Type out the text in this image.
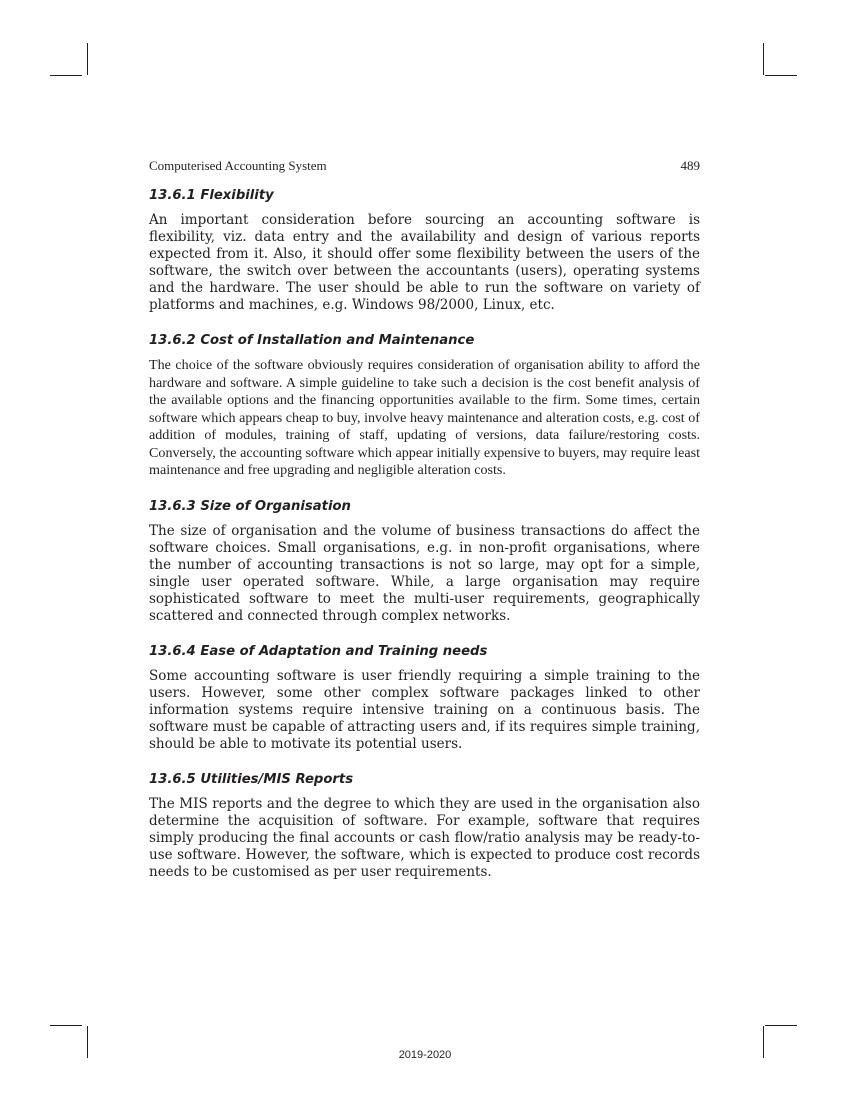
Computerised Accounting System	489
13.6.1 Flexibility

An important consideration before sourcing an accounting software is flexibility, viz. data entry and the availability and design of various reports expected from it. Also, it should offer some flexibility between the users of the software, the switch over between the accountants (users), operating systems and the hardware. The user should be able to run the software on variety of platforms and machines, e.g. Windows 98/2000, Linux, etc.

13.6.2 Cost of Installation and Maintenance

The choice of the software obviously requires consideration of organisation ability to afford the hardware and software. A simple guideline to take such a decision is the cost benefit analysis of the available options and the financing opportunities available to the firm. Some times, certain software which appears cheap to buy, involve heavy maintenance and alteration costs, e.g. cost of addition of modules, training of staff, updating of versions, data failure/restoring costs. Conversely, the accounting software which appear initially expensive to buyers, may require least maintenance and free upgrading and negligible alteration costs.

13.6.3 Size of Organisation

The size of organisation and the volume of business transactions do affect the software choices. Small organisations, e.g. in non-profit organisations, where the number of accounting transactions is not so large, may opt for a simple, single user operated software. While, a large organisation may require sophisticated software to meet the multi-user requirements, geographically scattered and connected through complex networks.

13.6.4 Ease of Adaptation and Training needs

Some accounting software is user friendly requiring a simple training to the users. However, some other complex software packages linked to other information systems require intensive training on a continuous basis. The software must be capable of attracting users and, if its requires simple training, should be able to motivate its potential users.

13.6.5 Utilities/MIS Reports

The MIS reports and the degree to which they are used in the organisation also determine the acquisition of software. For example, software that requires simply producing the final accounts or cash flow/ratio analysis may be ready-to-use software. However, the software, which is expected to produce cost records needs to be customised as per user requirements.

2019-2020
